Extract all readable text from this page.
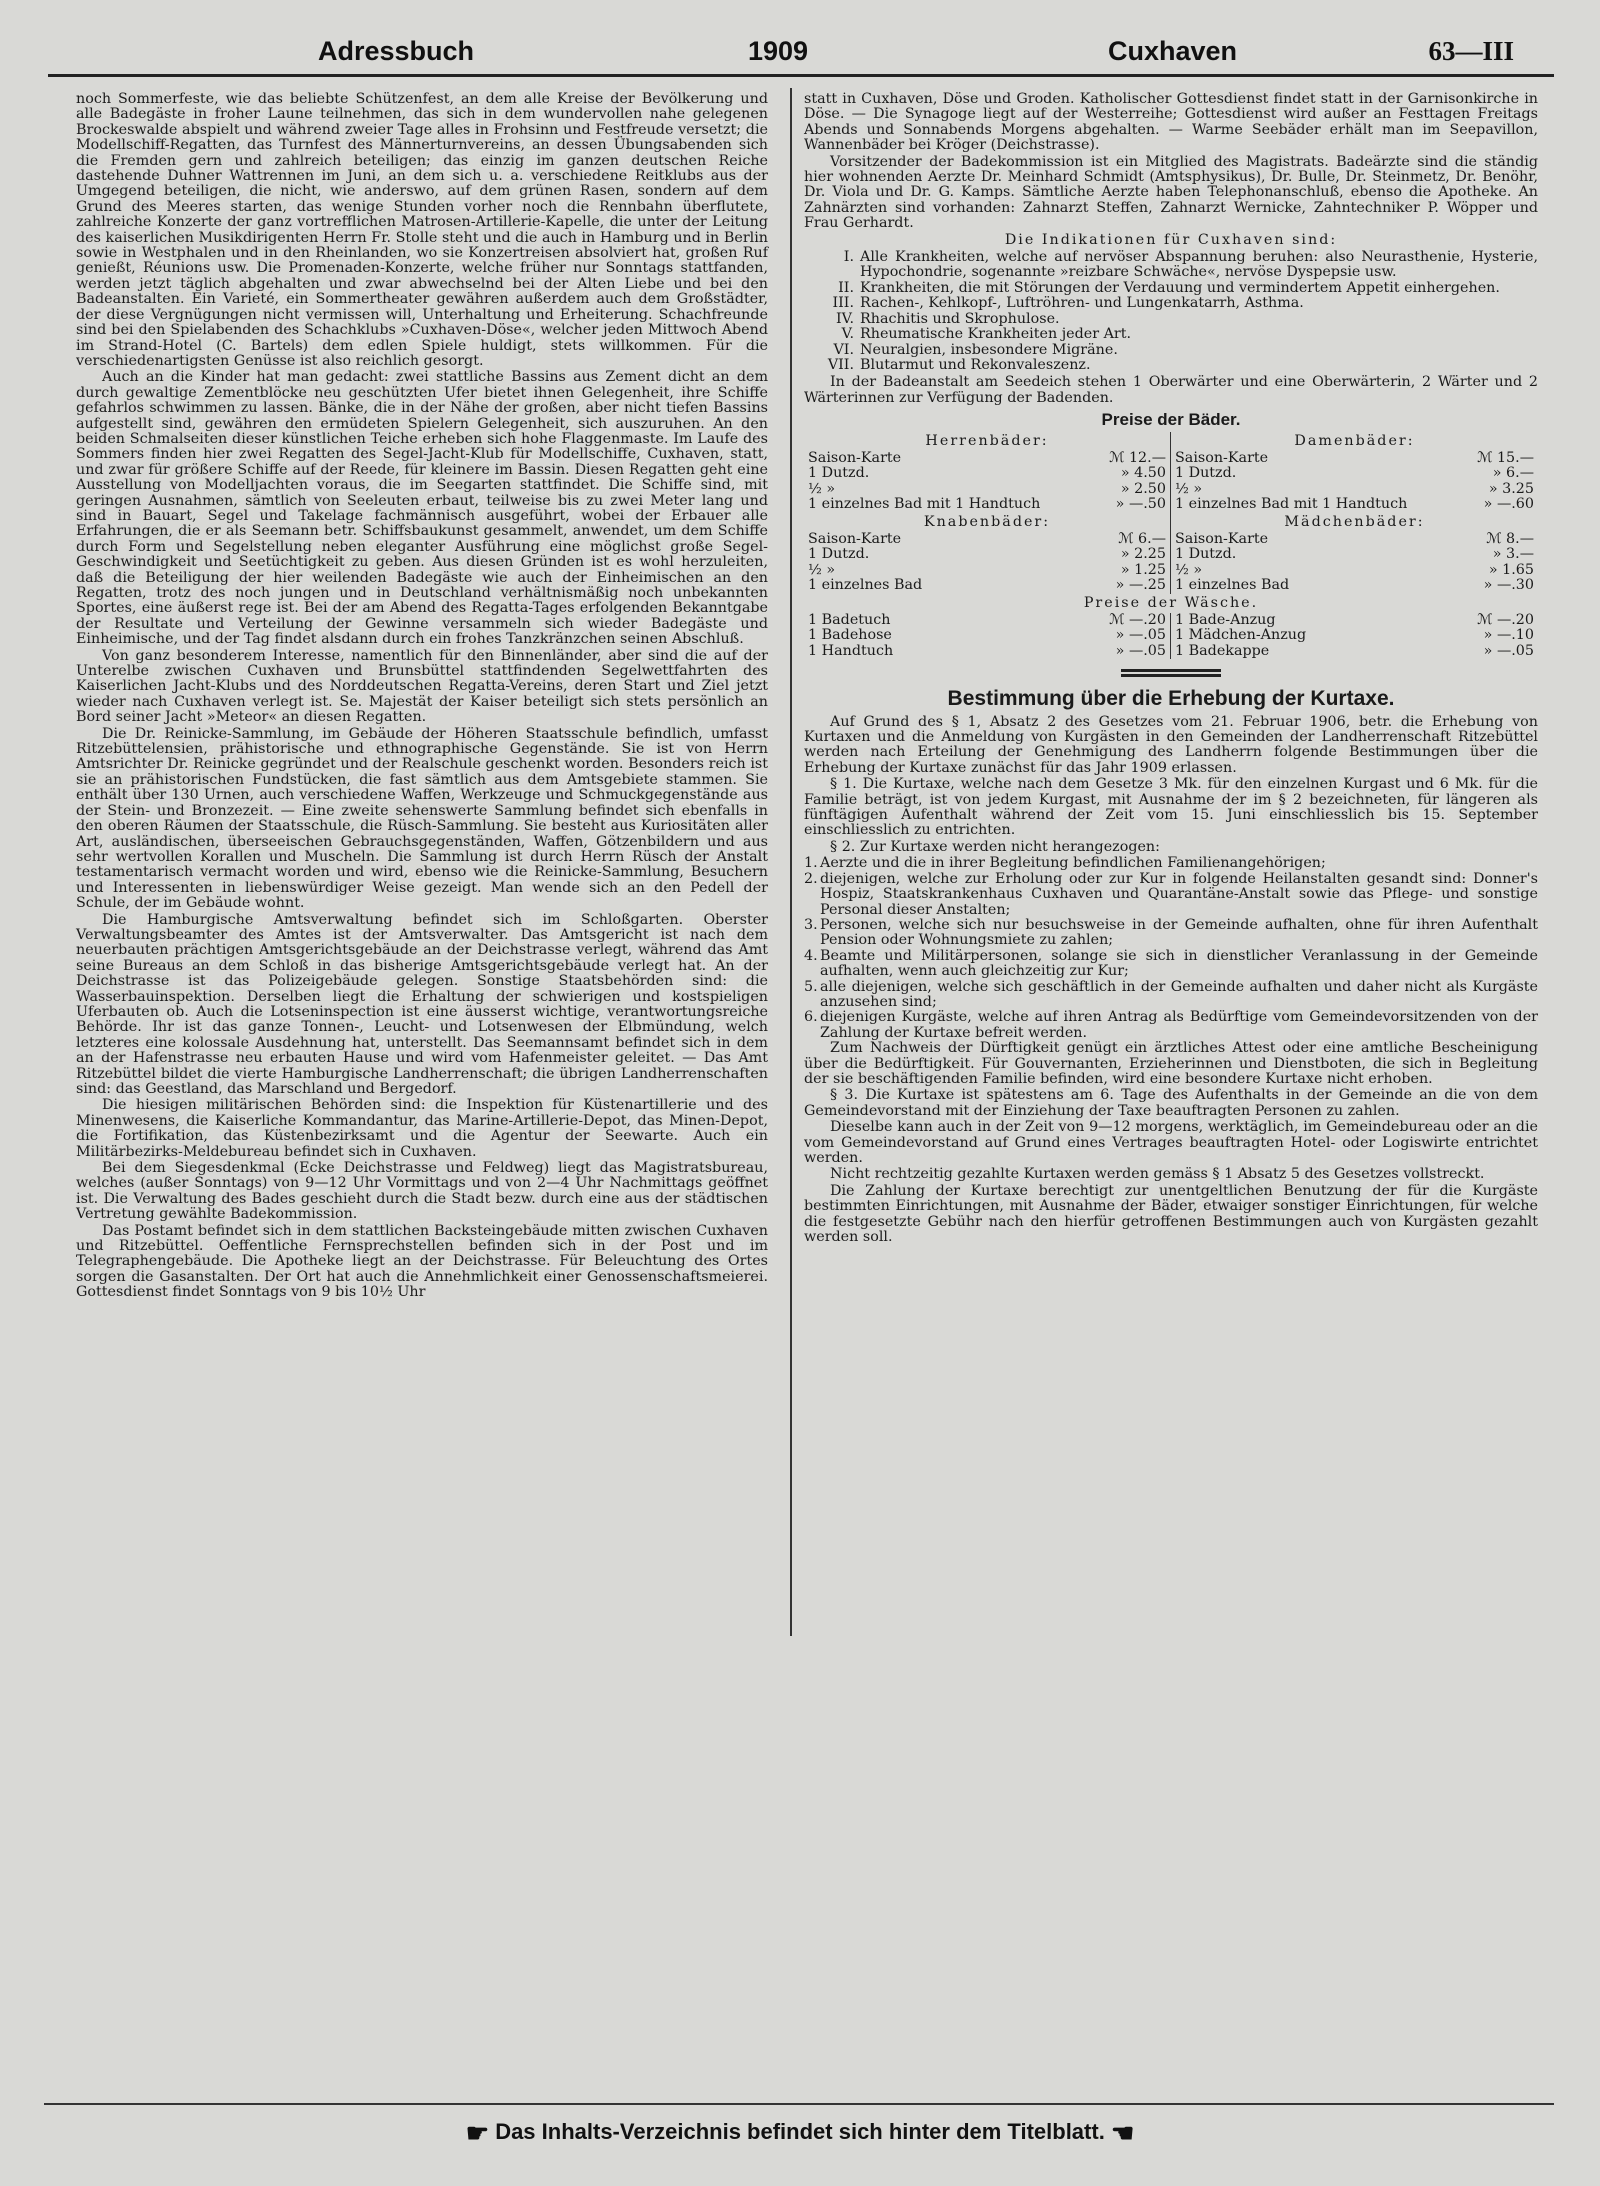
Adressbuch	1909	Cuxhaven	63—III

noch Sommerfeste, wie das beliebte Schützenfest, an dem alle Kreise der Bevölkerung und alle Badegäste in froher Laune teilnehmen, das sich in dem wundervollen nahe gelegenen Brockeswalde abspielt und während zweier Tage alles in Frohsinn und Festfreude versetzt; die Modellschiff-Regatten, das Turnfest des Männerturnvereins, an dessen Übungsabenden sich die Fremden gern und zahlreich beteiligen; das einzig im ganzen deutschen Reiche dastehende Duhner Wattrennen im Juni, an dem sich u. a. verschiedene Reitklubs aus der Umgegend beteiligen, die nicht, wie anderswo, auf dem grünen Rasen, sondern auf dem Grund des Meeres starten, das wenige Stunden vorher noch die Rennbahn überflutete, zahlreiche Konzerte der ganz vortrefflichen Matrosen-Artillerie-Kapelle, die unter der Leitung des kaiserlichen Musikdirigenten Herrn Fr. Stolle steht und die auch in Hamburg und in Berlin sowie in Westphalen und in den Rheinlanden, wo sie Konzertreisen absolviert hat, großen Ruf genießt, Réunions usw. Die Promenaden-Konzerte, welche früher nur Sonntags stattfanden, werden jetzt täglich abgehalten und zwar abwechselnd bei der Alten Liebe und bei den Badeanstalten. Ein Varieté, ein Sommertheater gewähren außerdem auch dem Großstädter, der diese Vergnügungen nicht vermissen will, Unterhaltung und Erheiterung. Schachfreunde sind bei den Spielabenden des Schachklubs »Cuxhaven-Döse«, welcher jeden Mittwoch Abend im Strand-Hotel (C. Bartels) dem edlen Spiele huldigt, stets willkommen. Für die verschiedenartigsten Genüsse ist also reichlich gesorgt.

Auch an die Kinder hat man gedacht: zwei stattliche Bassins aus Zement dicht an dem durch gewaltige Zementblöcke neu geschützten Ufer bietet ihnen Gelegenheit, ihre Schiffe gefahrlos schwimmen zu lassen. Bänke, die in der Nähe der großen, aber nicht tiefen Bassins aufgestellt sind, gewähren den ermüdeten Spielern Gelegenheit, sich auszuruhen. An den beiden Schmalseiten dieser künstlichen Teiche erheben sich hohe Flaggenmaste. Im Laufe des Sommers finden hier zwei Regatten des Segel-Jacht-Klub für Modellschiffe, Cuxhaven, statt, und zwar für größere Schiffe auf der Reede, für kleinere im Bassin. Diesen Regatten geht eine Ausstellung von Modelljachten voraus, die im Seegarten stattfindet. Die Schiffe sind, mit geringen Ausnahmen, sämtlich von Seeleuten erbaut, teilweise bis zu zwei Meter lang und sind in Bauart, Segel und Takelage fachmännisch ausgeführt, wobei der Erbauer alle Erfahrungen, die er als Seemann betr. Schiffsbaukunst gesammelt, anwendet, um dem Schiffe durch Form und Segelstellung neben eleganter Ausführung eine möglichst große Segel-Geschwindigkeit und Seetüchtigkeit zu geben. Aus diesen Gründen ist es wohl herzuleiten, daß die Beteiligung der hier weilenden Badegäste wie auch der Einheimischen an den Regatten, trotz des noch jungen und in Deutschland verhältnismäßig noch unbekannten Sportes, eine äußerst rege ist. Bei der am Abend des Regatta-Tages erfolgenden Bekanntgabe der Resultate und Verteilung der Gewinne versammeln sich wieder Badegäste und Einheimische, und der Tag findet alsdann durch ein frohes Tanzkränzchen seinen Abschluß.

Von ganz besonderem Interesse, namentlich für den Binnenländer, aber sind die auf der Unterelbe zwischen Cuxhaven und Brunsbüttel stattfindenden Segelwettfahrten des Kaiserlichen Jacht-Klubs und des Norddeutschen Regatta-Vereins, deren Start und Ziel jetzt wieder nach Cuxhaven verlegt ist. Se. Majestät der Kaiser beteiligt sich stets persönlich an Bord seiner Jacht »Meteor« an diesen Regatten.

Die Dr. Reinicke-Sammlung, im Gebäude der Höheren Staatsschule befindlich, umfasst Ritzebüttelensien, prähistorische und ethnographische Gegenstände. Sie ist von Herrn Amtsrichter Dr. Reinicke gegründet und der Realschule geschenkt worden. Besonders reich ist sie an prähistorischen Fundstücken, die fast sämtlich aus dem Amtsgebiete stammen. Sie enthält über 130 Urnen, auch verschiedene Waffen, Werkzeuge und Schmuckgegenstände aus der Stein- und Bronzezeit. — Eine zweite sehenswerte Sammlung befindet sich ebenfalls in den oberen Räumen der Staatsschule, die Rüsch-Sammlung. Sie besteht aus Kuriositäten aller Art, ausländischen, überseeischen Gebrauchsgegenständen, Waffen, Götzenbildern und aus sehr wertvollen Korallen und Muscheln. Die Sammlung ist durch Herrn Rüsch der Anstalt testamentarisch vermacht worden und wird, ebenso wie die Reinicke-Sammlung, Besuchern und Interessenten in liebenswürdiger Weise gezeigt. Man wende sich an den Pedell der Schule, der im Gebäude wohnt.

Die Hamburgische Amtsverwaltung befindet sich im Schloßgarten. Oberster Verwaltungsbeamter des Amtes ist der Amtsverwalter. Das Amtsgericht ist nach dem neuerbauten prächtigen Amtsgerichtsgebäude an der Deichstrasse verlegt, während das Amt seine Bureaus an dem Schloß in das bisherige Amtsgerichtsgebäude verlegt hat. An der Deichstrasse ist das Polizeigebäude gelegen. Sonstige Staatsbehörden sind: die Wasserbauinspektion. Derselben liegt die Erhaltung der schwierigen und kostspieligen Uferbauten ob. Auch die Lotseninspection ist eine äusserst wichtige, verantwortungsreiche Behörde. Ihr ist das ganze Tonnen-, Leucht- und Lotsenwesen der Elbmündung, welch letzteres eine kolossale Ausdehnung hat, unterstellt. Das Seemannsamt befindet sich in dem an der Hafenstrasse neu erbauten Hause und wird vom Hafenmeister geleitet. — Das Amt Ritzebüttel bildet die vierte Hamburgische Landherrenschaft; die übrigen Landherrenschaften sind: das Geestland, das Marschland und Bergedorf.

Die hiesigen militärischen Behörden sind: die Inspektion für Küstenartillerie und des Minenwesens, die Kaiserliche Kommandantur, das Marine-Artillerie-Depot, das Minen-Depot, die Fortifikation, das Küstenbezirksamt und die Agentur der Seewarte. Auch ein Militärbezirks-Meldebureau befindet sich in Cuxhaven.

Bei dem Siegesdenkmal (Ecke Deichstrasse und Feldweg) liegt das Magistratsbureau, welches (außer Sonntags) von 9—12 Uhr Vormittags und von 2—4 Uhr Nachmittags geöffnet ist. Die Verwaltung des Bades geschieht durch die Stadt bezw. durch eine aus der städtischen Vertretung gewählte Badekommission.

Das Postamt befindet sich in dem stattlichen Backsteingebäude mitten zwischen Cuxhaven und Ritzebüttel. Oeffentliche Fernsprechstellen befinden sich in der Post und im Telegraphengebäude. Die Apotheke liegt an der Deichstrasse. Für Beleuchtung des Ortes sorgen die Gasanstalten. Der Ort hat auch die Annehmlichkeit einer Genossenschaftsmeierei. Gottesdienst findet Sonntags von 9 bis 10½ Uhr

statt in Cuxhaven, Döse und Groden. Katholischer Gottesdienst findet statt in der Garnisonkirche in Döse. — Die Synagoge liegt auf der Westerreihe; Gottesdienst wird außer an Festtagen Freitags Abends und Sonnabends Morgens abgehalten. — Warme Seebäder erhält man im Seepavillon, Wannenbäder bei Kröger (Deichstrasse).

Vorsitzender der Badekommission ist ein Mitglied des Magistrats. Badeärzte sind die ständig hier wohnenden Aerzte Dr. Meinhard Schmidt (Amtsphysikus), Dr. Bulle, Dr. Steinmetz, Dr. Benöhr, Dr. Viola und Dr. G. Kamps. Sämtliche Aerzte haben Telephonanschluß, ebenso die Apotheke. An Zahnärzten sind vorhanden: Zahnarzt Steffen, Zahnarzt Wernicke, Zahntechniker P. Wöpper und Frau Gerhardt.

Die Indikationen für Cuxhaven sind:

I. Alle Krankheiten, welche auf nervöser Abspannung beruhen: also Neurasthenie, Hysterie, Hypochondrie, sogenannte »reizbare Schwäche«, nervöse Dyspepsie usw.
II. Krankheiten, die mit Störungen der Verdauung und vermindertem Appetit einhergehen.
III. Rachen-, Kehlkopf-, Luftröhren- und Lungenkatarrh, Asthma.
IV. Rhachitis und Skrophulose.
V. Rheumatische Krankheiten jeder Art.
VI. Neuralgien, insbesondere Migräne.
VII. Blutarmut und Rekonvaleszenz.

In der Badeanstalt am Seedeich stehen 1 Oberwärter und eine Oberwärterin, 2 Wärter und 2 Wärterinnen zur Verfügung der Badenden.

Preise der Bäder.
Herrenbäder:
Saison-Karte	ℳ 12.—
1 Dutzd.	» 4.50
½ »	» 2.50
1 einzelnes Bad mit 1 Handtuch	» —.50
Knabenbäder:
Saison-Karte	ℳ 6.—
1 Dutzd.	» 2.25
½ »	» 1.25
1 einzelnes Bad	» —.25
Damenbäder:
Saison-Karte	ℳ 15.—
1 Dutzd.	» 6.—
½ »	» 3.25
1 einzelnes Bad mit 1 Handtuch	» —.60
Mädchenbäder:
Saison-Karte	ℳ 8.—
1 Dutzd.	» 3.—
½ »	» 1.65
1 einzelnes Bad	» —.30
Preise der Wäsche.
1 Badetuch	ℳ —.20
1 Badehose	» —.05
1 Handtuch	» —.05
1 Bade-Anzug	ℳ —.20
1 Mädchen-Anzug	» —.10
1 Badekappe	» —.05
Bestimmung über die Erhebung der Kurtaxe.

Auf Grund des § 1, Absatz 2 des Gesetzes vom 21. Februar 1906, betr. die Erhebung von Kurtaxen und die Anmeldung von Kurgästen in den Gemeinden der Landherrenschaft Ritzebüttel werden nach Erteilung der Genehmigung des Landherrn folgende Bestimmungen über die Erhebung der Kurtaxe zunächst für das Jahr 1909 erlassen.

§ 1. Die Kurtaxe, welche nach dem Gesetze 3 Mk. für den einzelnen Kurgast und 6 Mk. für die Familie beträgt, ist von jedem Kurgast, mit Ausnahme der im § 2 bezeichneten, für längeren als fünftägigen Aufenthalt während der Zeit vom 15. Juni einschliesslich bis 15. September einschliesslich zu entrichten.

§ 2. Zur Kurtaxe werden nicht herangezogen:

1. Aerzte und die in ihrer Begleitung befindlichen Familienangehörigen;
2. diejenigen, welche zur Erholung oder zur Kur in folgende Heilanstalten gesandt sind: Donner's Hospiz, Staatskrankenhaus Cuxhaven und Quarantäne-Anstalt sowie das Pflege- und sonstige Personal dieser Anstalten;
3. Personen, welche sich nur besuchsweise in der Gemeinde aufhalten, ohne für ihren Aufenthalt Pension oder Wohnungsmiete zu zahlen;
4. Beamte und Militärpersonen, solange sie sich in dienstlicher Veranlassung in der Gemeinde aufhalten, wenn auch gleichzeitig zur Kur;
5. alle diejenigen, welche sich geschäftlich in der Gemeinde aufhalten und daher nicht als Kurgäste anzusehen sind;
6. diejenigen Kurgäste, welche auf ihren Antrag als Bedürftige vom Gemeindevorsitzenden von der Zahlung der Kurtaxe befreit werden.

Zum Nachweis der Dürftigkeit genügt ein ärztliches Attest oder eine amtliche Bescheinigung über die Bedürftigkeit. Für Gouvernanten, Erzieherinnen und Dienstboten, die sich in Begleitung der sie beschäftigenden Familie befinden, wird eine besondere Kurtaxe nicht erhoben.

§ 3. Die Kurtaxe ist spätestens am 6. Tage des Aufenthalts in der Gemeinde an die von dem Gemeindevorstand mit der Einziehung der Taxe beauftragten Personen zu zahlen.

Dieselbe kann auch in der Zeit von 9—12 morgens, werktäglich, im Gemeindebureau oder an die vom Gemeindevorstand auf Grund eines Vertrages beauftragten Hotel- oder Logiswirte entrichtet werden.

Nicht rechtzeitig gezahlte Kurtaxen werden gemäss § 1 Absatz 5 des Gesetzes vollstreckt.

Die Zahlung der Kurtaxe berechtigt zur unentgeltlichen Benutzung der für die Kurgäste bestimmten Einrichtungen, mit Ausnahme der Bäder, etwaiger sonstiger Einrichtungen, für welche die festgesetzte Gebühr nach den hierfür getroffenen Bestimmungen auch von Kurgästen gezahlt werden soll.

☛ Das Inhalts-Verzeichnis befindet sich hinter dem Titelblatt. ☚
